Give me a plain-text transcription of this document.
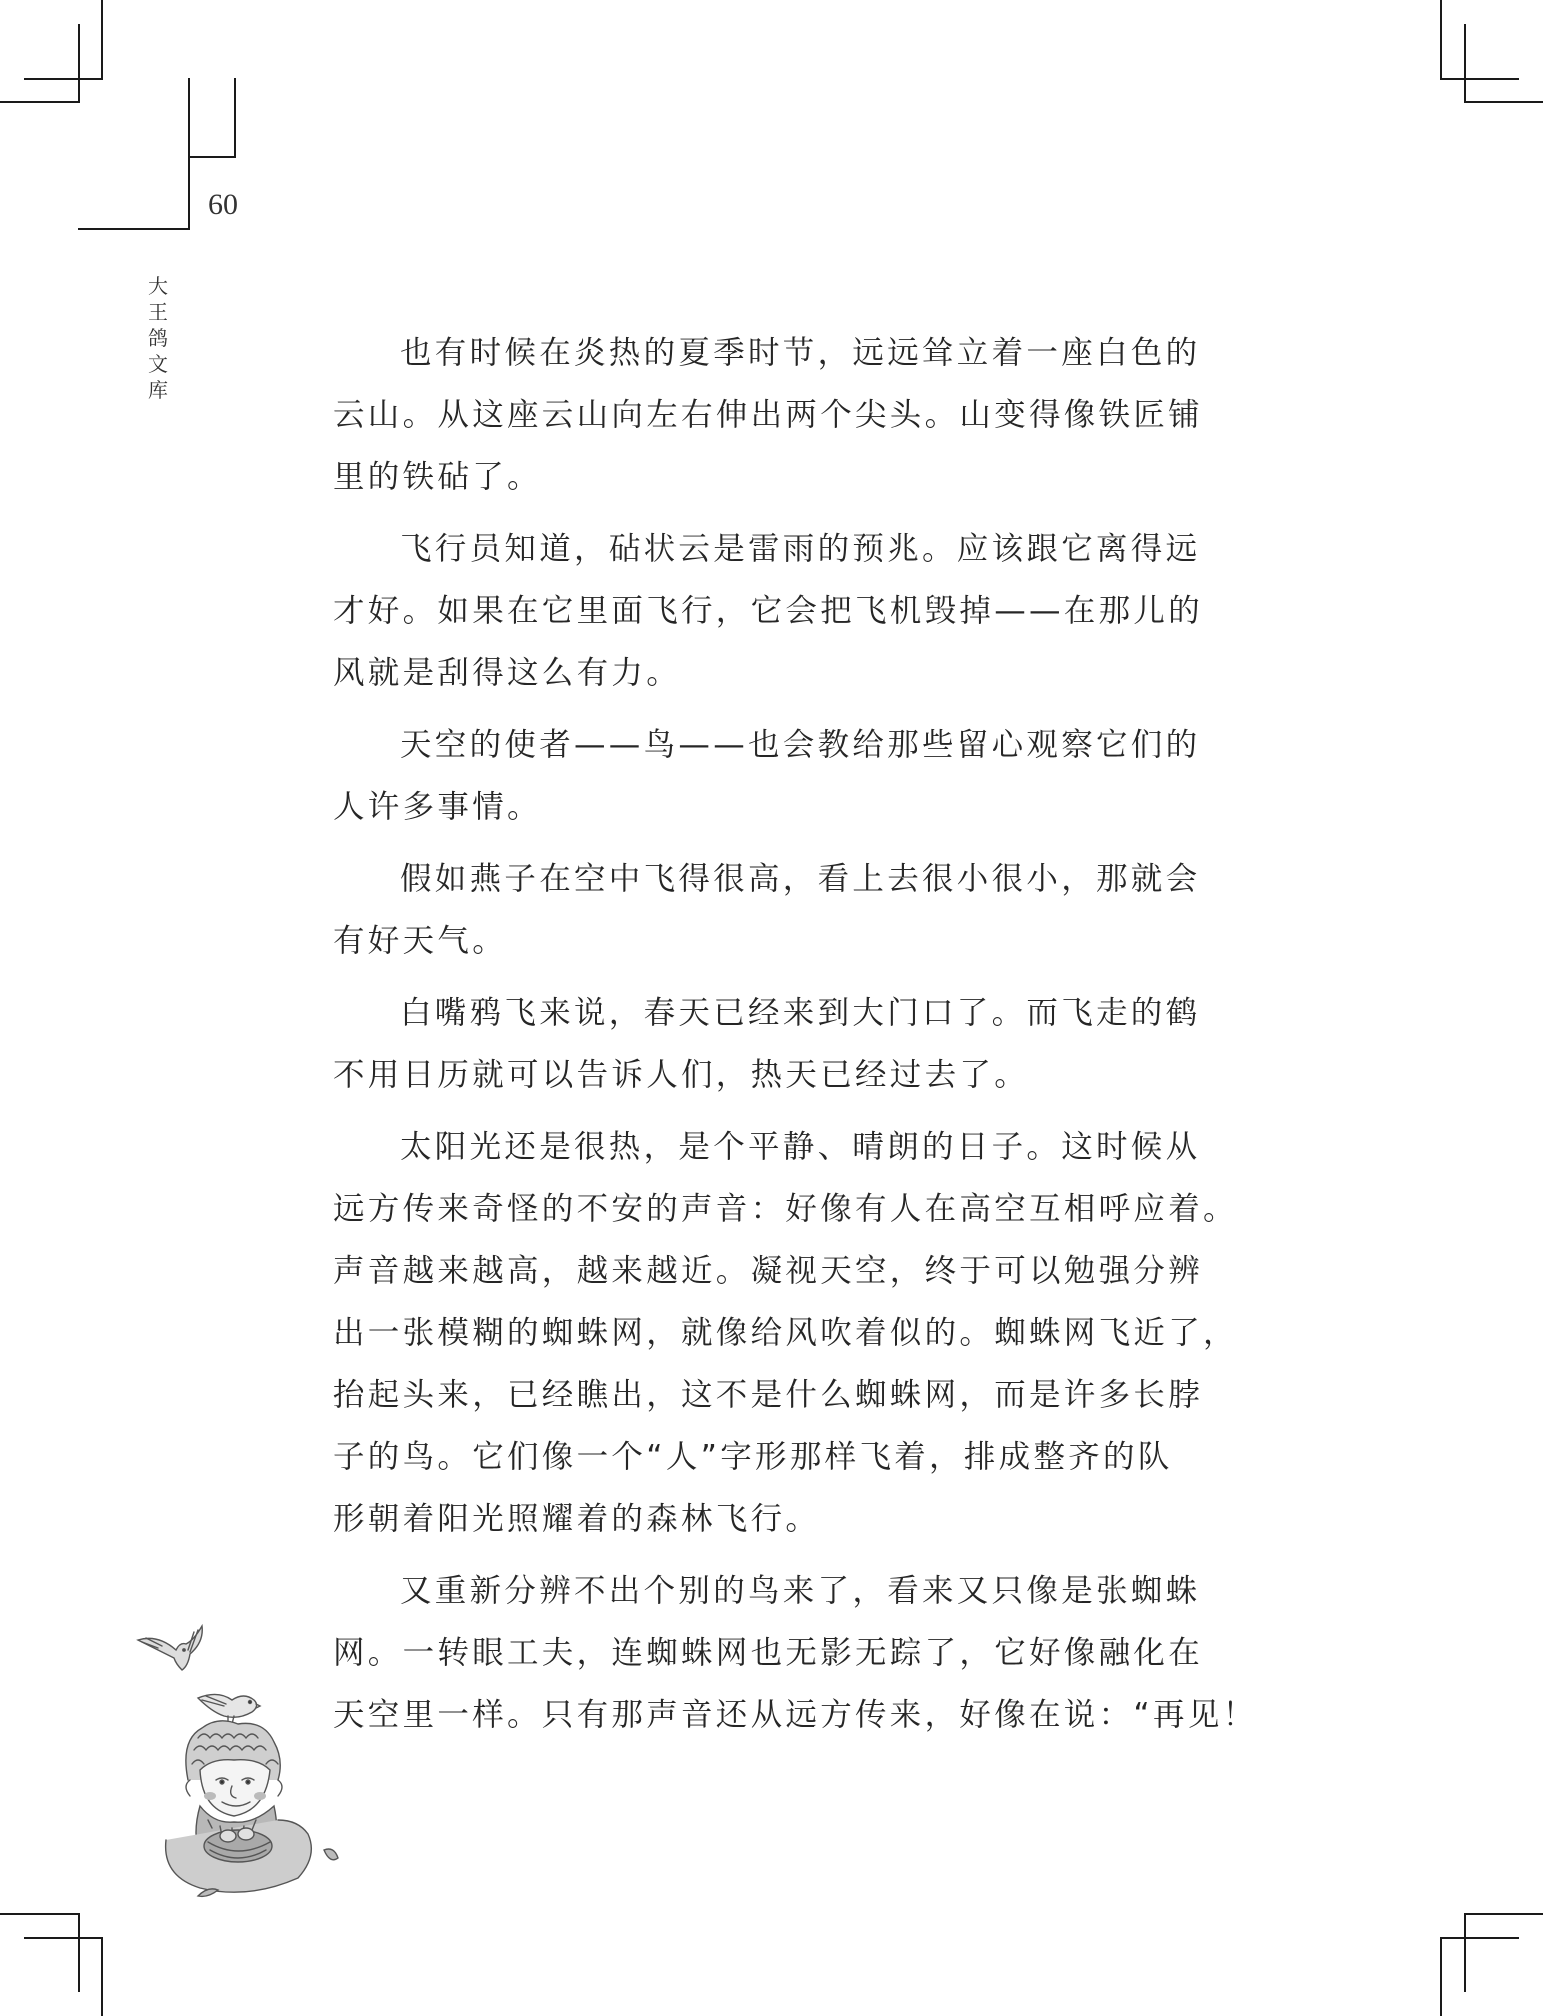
60
大
王
鸽
文
库

也有时候在炎热的夏季时节，远远耸立着一座白色的
云山。从这座云山向左右伸出两个尖头。山变得像铁匠铺
里的铁砧了。

飞行员知道，砧状云是雷雨的预兆。应该跟它离得远
才好。如果在它里面飞行，它会把飞机毁掉——在那儿的
风就是刮得这么有力。

天空的使者——鸟——也会教给那些留心观察它们的
人许多事情。

假如燕子在空中飞得很高，看上去很小很小，那就会
有好天气。

白嘴鸦飞来说，春天已经来到大门口了。而飞走的鹤
不用日历就可以告诉人们，热天已经过去了。

太阳光还是很热，是个平静、晴朗的日子。这时候从
远方传来奇怪的不安的声音：好像有人在高空互相呼应着。
声音越来越高，越来越近。凝视天空，终于可以勉强分辨
出一张模糊的蜘蛛网，就像给风吹着似的。蜘蛛网飞近了，
抬起头来，已经瞧出，这不是什么蜘蛛网，而是许多长脖
子的鸟。它们像一个“人”字形那样飞着，排成整齐的队
形朝着阳光照耀着的森林飞行。

又重新分辨不出个别的鸟来了，看来又只像是张蜘蛛
网。一转眼工夫，连蜘蛛网也无影无踪了，它好像融化在
天空里一样。只有那声音还从远方传来，好像在说：“再见！
